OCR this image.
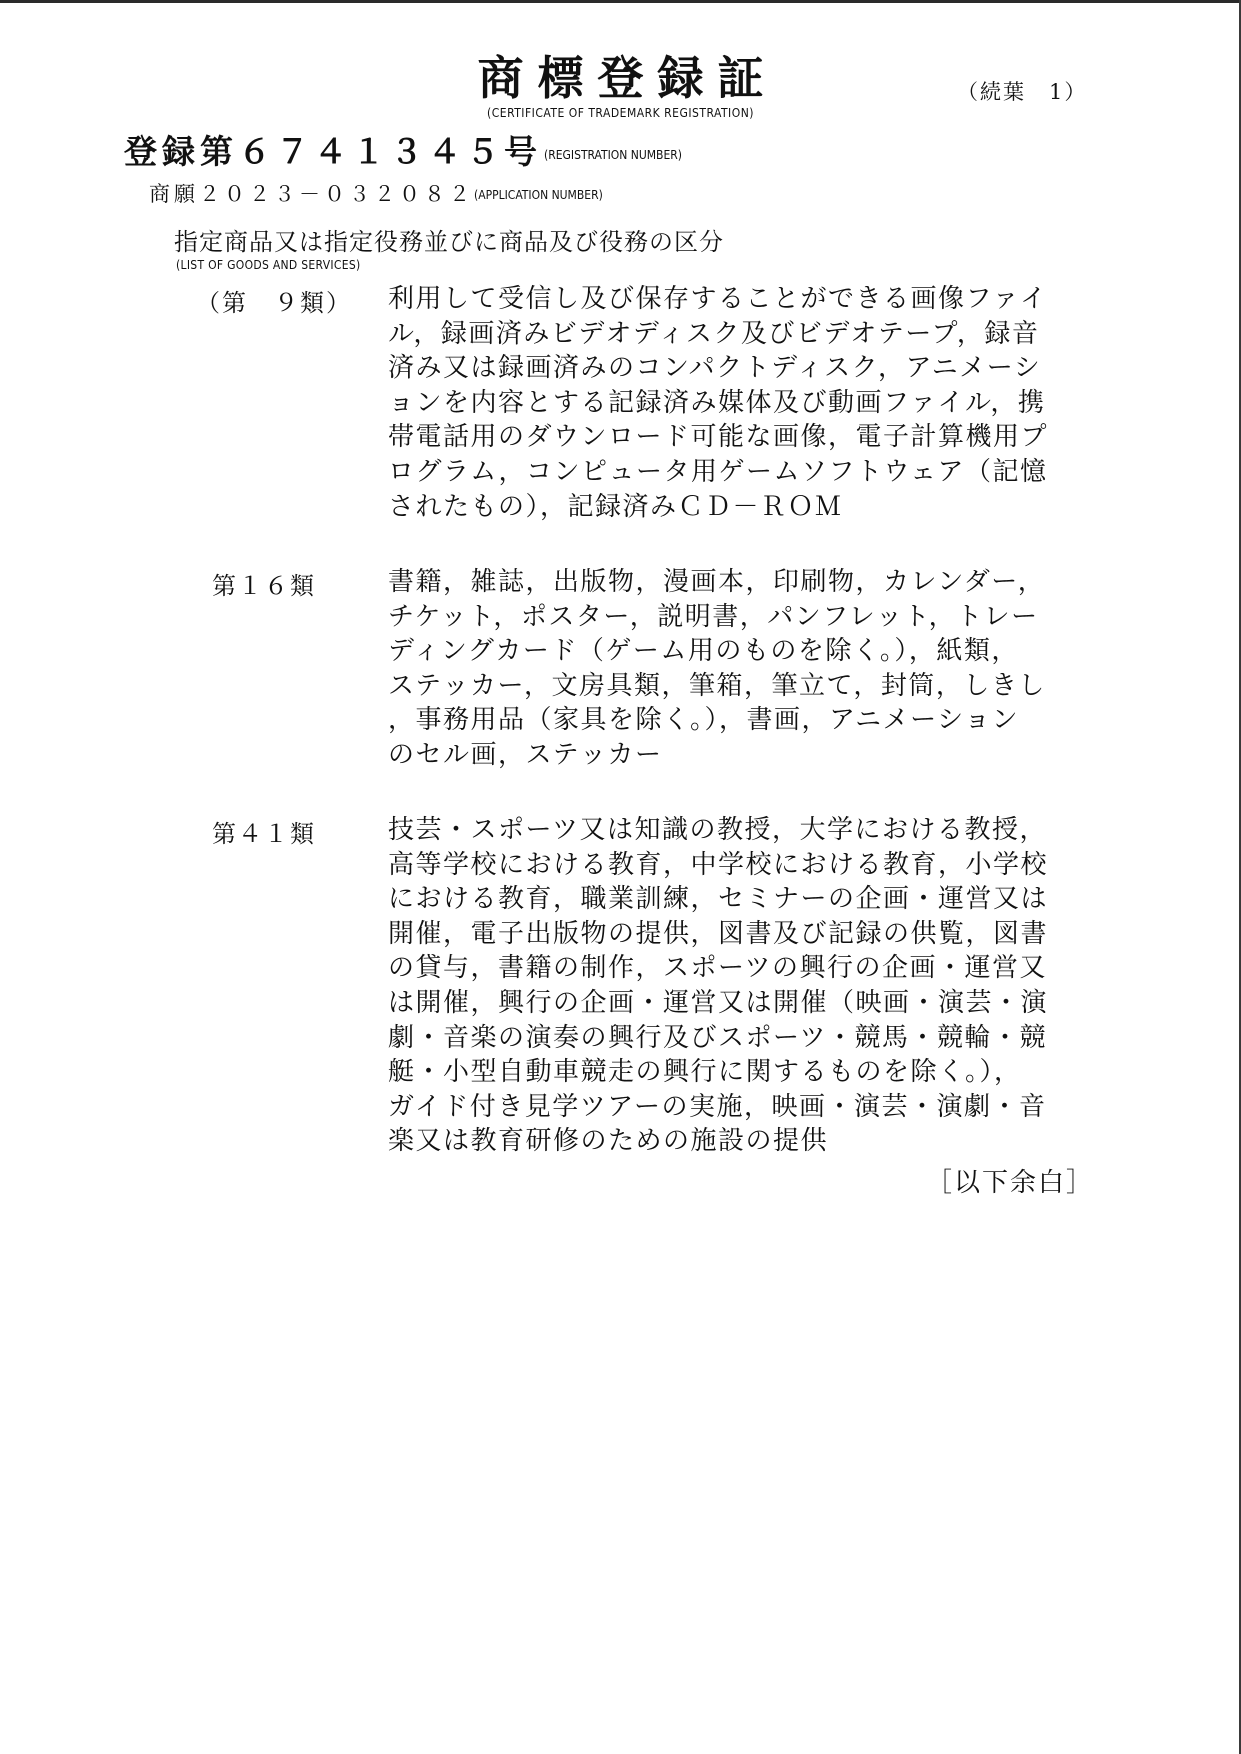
商標登録証
(CERTIFICATE OF TRADEMARK REGISTRATION)
（続葉　1）
登録第６７４１３４５号 $^{(REGISTRATION NUMBER)}$
商願２０２３－０３２０８２(APPLICATION NUMBER)
指定商品又は指定役務並びに商品及び役務の区分
(LIST OF GOODS AND SERVICES)
（第　９類） 利用して受信し及び保存することができる画像ファイ
ル，録画済みビデオディスク及びビデオテープ，録音
済み又は録画済みのコンパクトディスク，アニメーシ
ョンを内容とする記録済み媒体及び動画ファイル，携
帯電話用のダウンロード可能な画像，電子計算機用プ
ログラム，コンピュータ用ゲームソフトウェア（記憶
されたもの），記録済みＣＤ－ＲＯＭ
第１６類	書籍，雑誌，出版物，漫画本，印刷物，カレンダー，
チケット，ポスター，説明書，パンフレット，トレー
ディングカード（ゲーム用のものを除く。），紙類，
ステッカー，文房具類，筆箱，筆立て，封筒，しきし
，事務用品（家具を除く。），書画，アニメーション
のセル画，ステッカー
第４１類	技芸・スポーツ又は知識の教授，大学における教授，
高等学校における教育，中学校における教育，小学校
における教育，職業訓練，セミナーの企画・運営又は
開催，電子出版物の提供，図書及び記録の供覧，図書
の貸与，書籍の制作，スポーツの興行の企画・運営又
は開催，興行の企画・運営又は開催（映画・演芸・演
劇・音楽の演奏の興行及びスポーツ・競馬・競輪・競
艇・小型自動車競走の興行に関するものを除く。），
ガイド付き見学ツアーの実施，映画・演芸・演劇・音
楽又は教育研修のための施設の提供
［以下余白］
